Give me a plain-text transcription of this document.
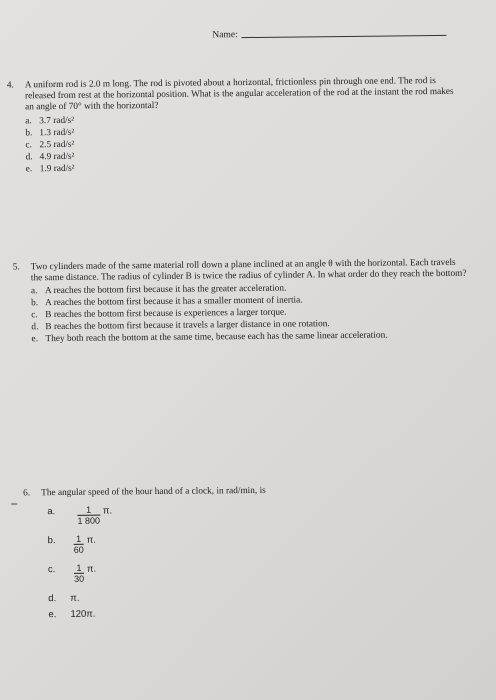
Name:
4. A uniform rod is 2.0 m long. The rod is pivoted about a horizontal, frictionless pin through one end. The rod is released from rest at the horizontal position. What is the angular acceleration of the rod at the instant the rod makes an angle of 70° with the horizontal?
a. 3.7 rad/s²
b. 1.3 rad/s²
c. 2.5 rad/s²
d. 4.9 rad/s²
e. 1.9 rad/s²
5. Two cylinders made of the same material roll down a plane inclined at an angle θ with the horizontal. Each travels the same distance. The radius of cylinder B is twice the radius of cylinder A. In what order do they reach the bottom?
a. A reaches the bottom first because it has the greater acceleration.
b. A reaches the bottom first because it has a smaller moment of inertia.
c. B reaches the bottom first because is experiences a larger torque.
d. B reaches the bottom first because it travels a larger distance in one rotation.
e. They both reach the bottom at the same time, because each has the same linear acceleration.
6. The angular speed of the hour hand of a clock, in rad/min, is
a.	$\frac{1}{1 800} \pi$.
b.	$\frac{1}{60} \pi$.
c.	$\frac{1}{30} \pi$.
d.	π.
e.	120π.
